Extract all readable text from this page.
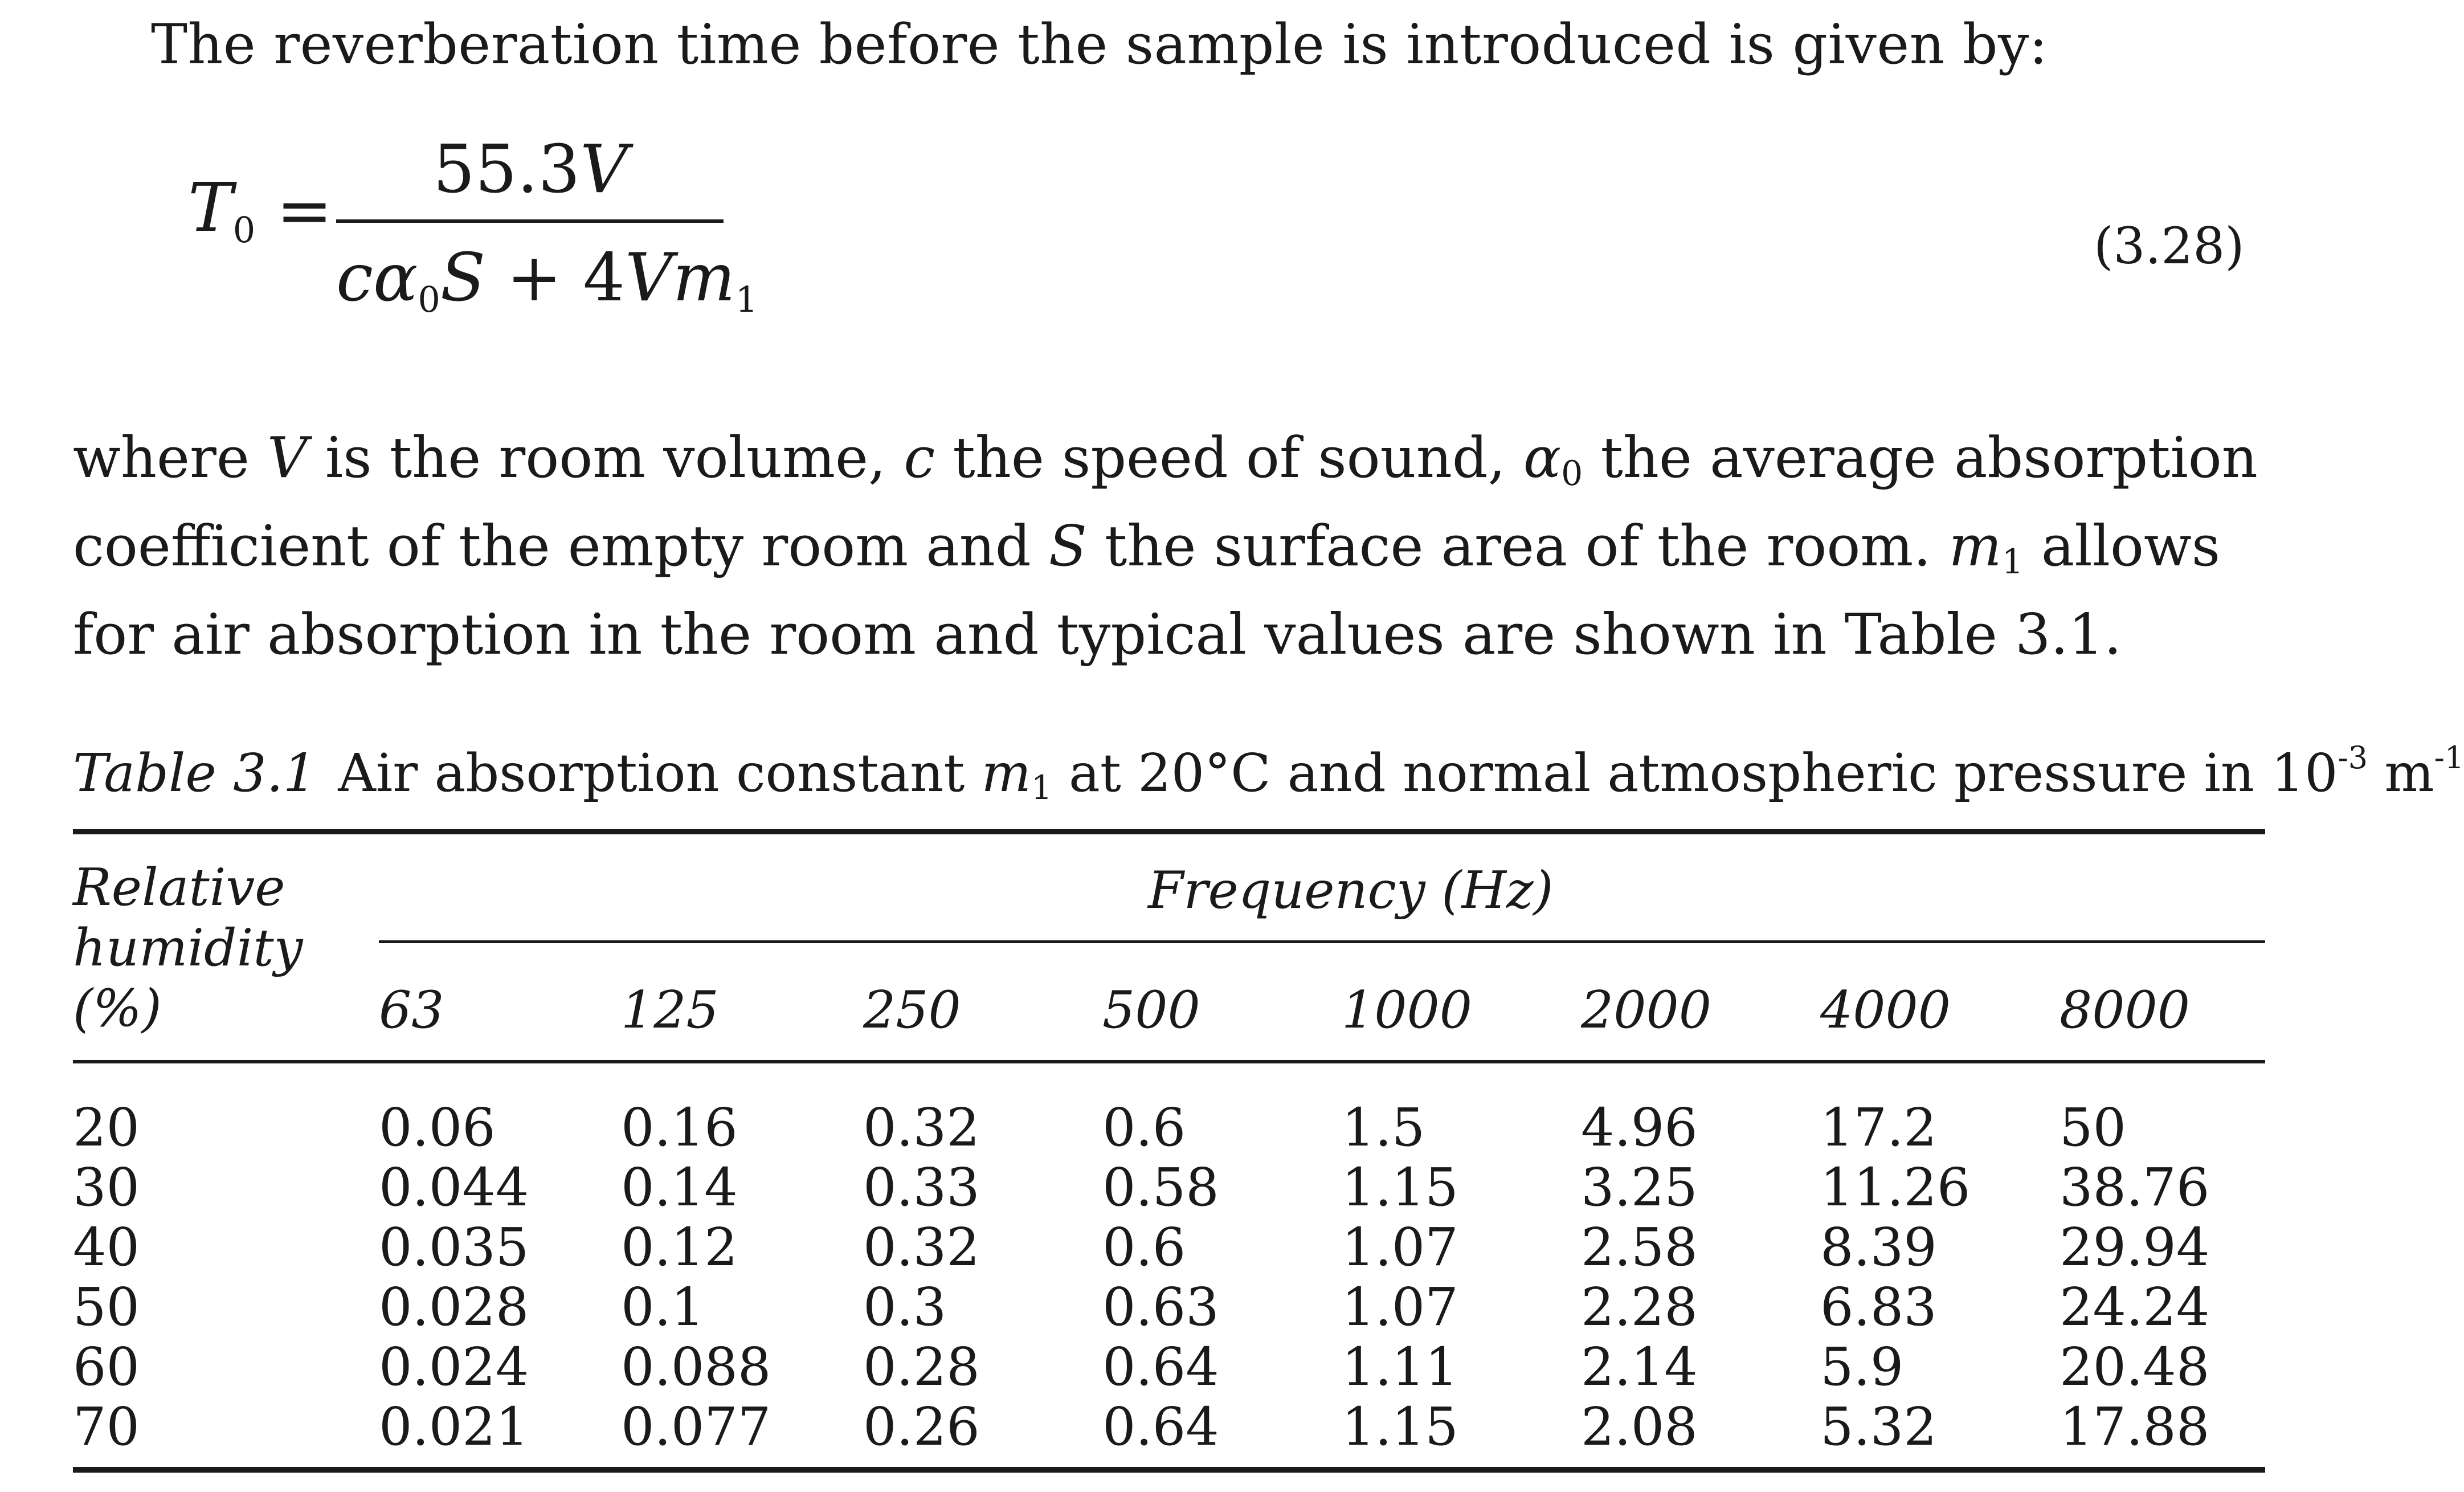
The reverberation time before the sample is introduced is given by:
$T_0$ =
55.3V
$c\alpha_0S + 4Vm_1$
(3.28)
where V is the room volume, c the speed of sound, $\alpha_0$ the average absorption coefficient of the empty room and S the surface area of the room. $m_1$ allows for air absorption in the room and typical values are shown in Table 3.1.
Table 3.1 Air absorption constant $m_1$ at 20°C and normal atmospheric pressure in $10^{-3}$ $m^{-1}$
Relative humidity (%)
Frequency (Hz)
63	125	250	500	1000 2000 4000 8000
20	0.06 0.16 0.32 0.6	1.5	4.96 17.2 50
30	0.044 0.14 0.33 0.58 1.15 3.25 11.26 38.76
40	0.035 0.12 0.32 0.6	1.07 2.58 8.39 29.94
50	0.028 0.1	0.3	0.63 1.07 2.28 6.83 24.24
60	0.024 0.088 0.28 0.64 1.11 2.14 5.9	20.48
70	0.021 0.077 0.26 0.64 1.15 2.08 5.32 17.88
